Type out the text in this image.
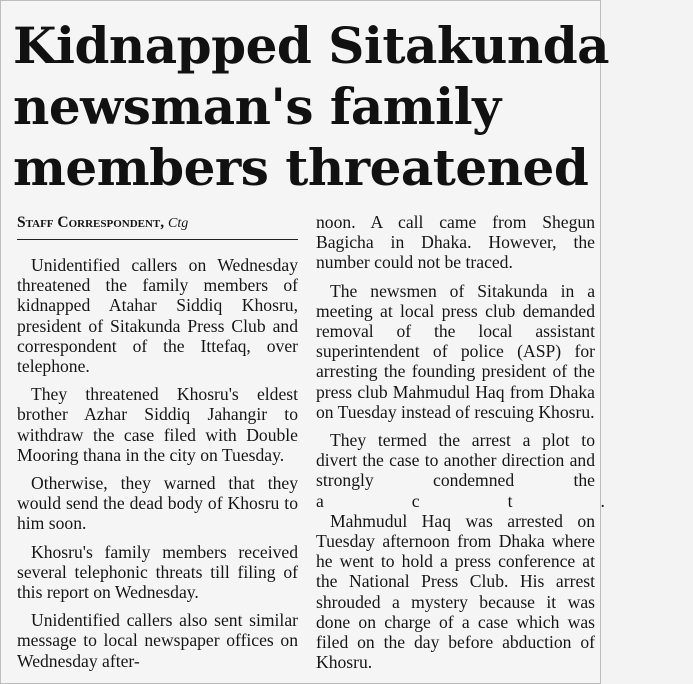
Kidnapped Sitakunda
newsman's family
members threatened
Staff Correspondent, Ctg

Unidentified callers on Wednesday threatened the family members of kidnapped Atahar Siddiq Khosru, president of Sitakunda Press Club and correspondent of the Ittefaq, over telephone.

They threatened Khosru's eldest brother Azhar Siddiq Jahangir to withdraw the case filed with Double Mooring thana in the city on Tuesday.

Otherwise, they warned that they would send the dead body of Khosru to him soon.

Khosru's family members received several telephonic threats till filing of this report on Wednesday.

Unidentified callers also sent similar message to local newspaper offices on Wednesday after-

noon. A call came from Shegun Bagicha in Dhaka. However, the number could not be traced.

The newsmen of Sitakunda in a meeting at local press club demanded removal of the local assistant superintendent of police (ASP) for arresting the founding president of the press club Mahmudul Haq from Dhaka on Tuesday instead of rescuing Khosru.

They termed the arrest a plot to divert the case to another direction and strongly condemned the

act.

Mahmudul Haq was arrested on Tuesday afternoon from Dhaka where he went to hold a press conference at the National Press Club. His arrest shrouded a mystery because it was done on charge of a case which was filed on the day before abduction of Khosru.
